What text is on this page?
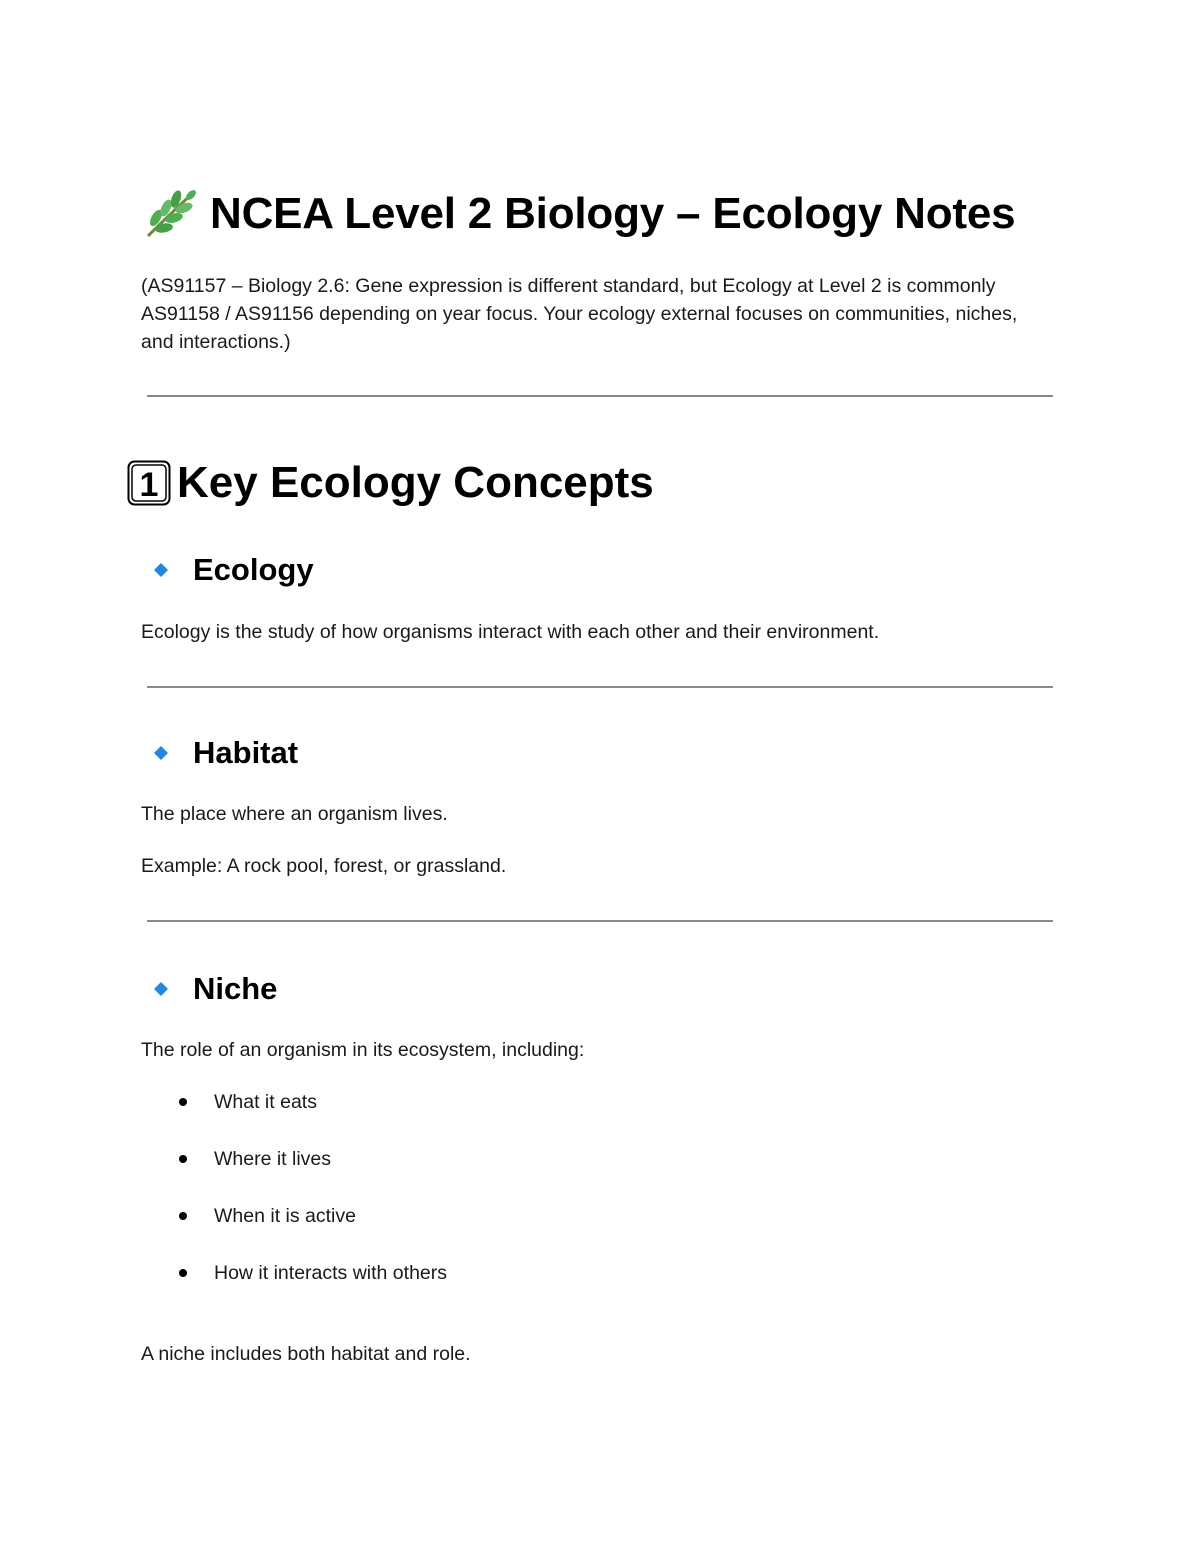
NCEA Level 2 Biology – Ecology Notes

(AS91157 – Biology 2.6: Gene expression is different standard, but Ecology at Level 2 is commonly AS91158 / AS91156 depending on year focus. Your ecology external focuses on communities, niches, and interactions.)

1 Key Ecology Concepts
Ecology

Ecology is the study of how organisms interact with each other and their environment.

Habitat

The place where an organism lives.

Example: A rock pool, forest, or grassland.

Niche

The role of an organism in its ecosystem, including:

What it eats
Where it lives
When it is active
How it interacts with others

A niche includes both habitat and role.
